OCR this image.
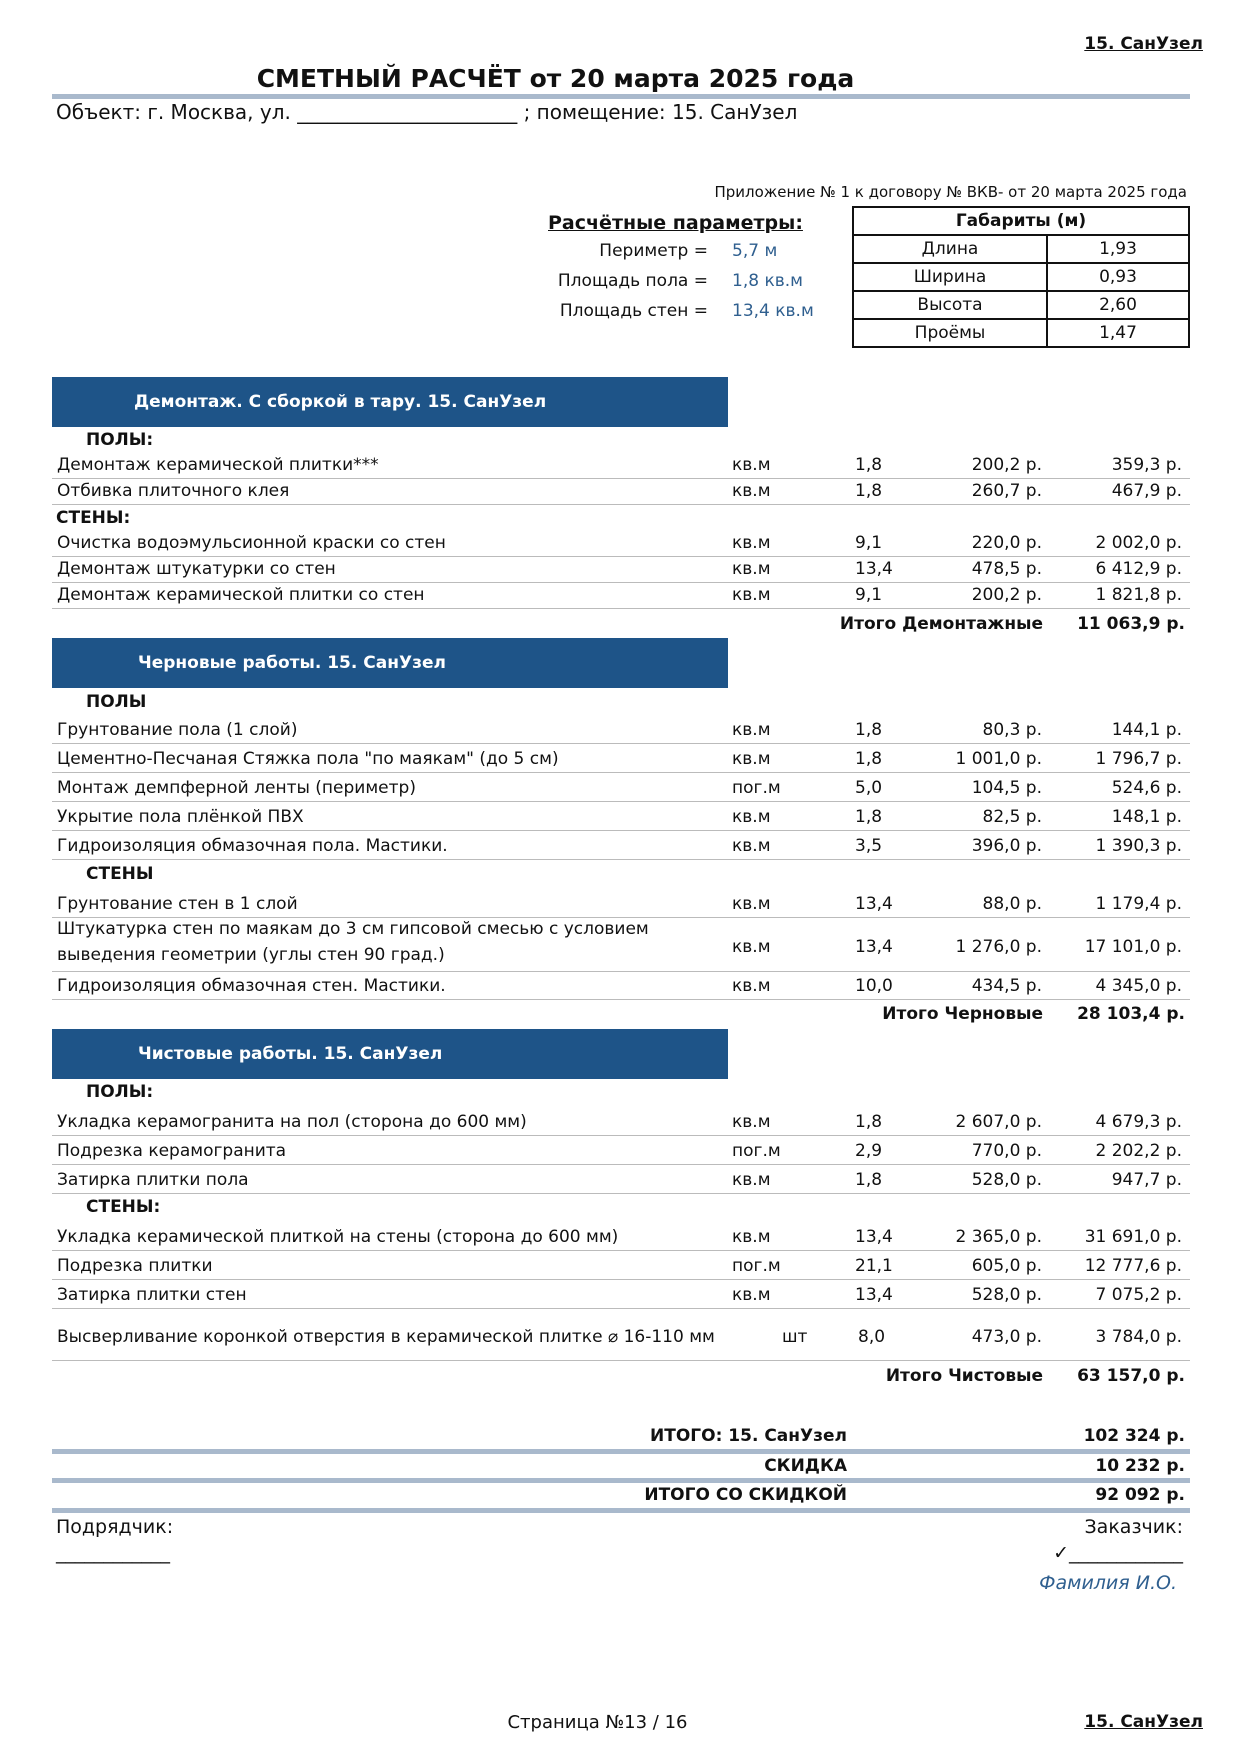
15. СанУзел
СМЕТНЫЙ РАСЧЁТ от 20 марта 2025 года
Объект: г. Москва, ул. ______________________ ; помещение: 15. СанУзел
Приложение № 1 к договору № ВКВ- от 20 марта 2025 года
Расчётные параметры:
Периметр = 5,7 м
Площадь пола = 1,8 кв.м
Площадь стен = 13,4 кв.м
Габариты (м)	
Длина	1,93
Ширина	0,93
Высота	2,60
Проёмы	1,47
Демонтаж. С сборкой в тару. 15. СанУзел
ПОЛЫ:
Демонтаж керамической плитки***	кв.м	1,8	200,2 р.	359,3 р.
Отбивка плиточного клея	кв.м	1,8	260,7 р.	467,9 р.
СТЕНЫ:
Очистка водоэмульсионной краски со стен	кв.м	9,1	220,0 р.	2 002,0 р.
Демонтаж штукатурки со стен	кв.м	13,4	478,5 р.	6 412,9 р.
Демонтаж керамической плитки со стен	кв.м	9,1	200,2 р.	1 821,8 р.
Итого Демонтажные 11 063,9 р.
Черновые работы. 15. СанУзел
ПОЛЫ
Грунтование пола (1 слой)	кв.м	1,8	80,3 р.	144,1 р.
Цементно-Песчаная Стяжка пола "по маякам" (до 5 см)	кв.м	1,8	1 001,0 р.	1 796,7 р.
Монтаж демпферной ленты (периметр)	пог.м	5,0	104,5 р.	524,6 р.
Укрытие пола плёнкой ПВХ	кв.м	1,8	82,5 р.	148,1 р.
Гидроизоляция обмазочная пола. Мастики.	кв.м	3,5	396,0 р.	1 390,3 р.
СТЕНЫ
Грунтование стен в 1 слой	кв.м	13,4	88,0 р.	1 179,4 р.
Штукатурка стен по маякам до 3 см гипсовой смесью с условием выведения геометрии (углы стен 90 град.)	кв.м	13,4	1 276,0 р.	17 101,0 р.
Гидроизоляция обмазочная стен. Мастики.	кв.м	10,0	434,5 р.	4 345,0 р.
Итого Черновые 28 103,4 р.
Чистовые работы. 15. СанУзел
ПОЛЫ:
Укладка керамогранита на пол (сторона до 600 мм)	кв.м	1,8	2 607,0 р.	4 679,3 р.
Подрезка керамогранита	пог.м	2,9	770,0 р.	2 202,2 р.
Затирка плитки пола	кв.м	1,8	528,0 р.	947,7 р.
СТЕНЫ:
Укладка керамической плиткой на стены (сторона до 600 мм)	кв.м	13,4	2 365,0 р.	31 691,0 р.
Подрезка плитки	пог.м	21,1	605,0 р.	12 777,6 р.
Затирка плитки стен	кв.м	13,4	528,0 р.	7 075,2 р.
Высверливание коронкой отверстия в керамической плитке ⌀ 16-110 мм	шт	8,0	473,0 р.	3 784,0 р.
Итого Чистовые 63 157,0 р.
ИТОГО: 15. СанУзел	102 324 р.
СКИДКА	10 232 р.
ИТОГО СО СКИДКОЙ	92 092 р.
Подрядчик:	Заказчик:
____________	✓____________
Фамилия И.О.
Страница №13 / 16	15. СанУзел
